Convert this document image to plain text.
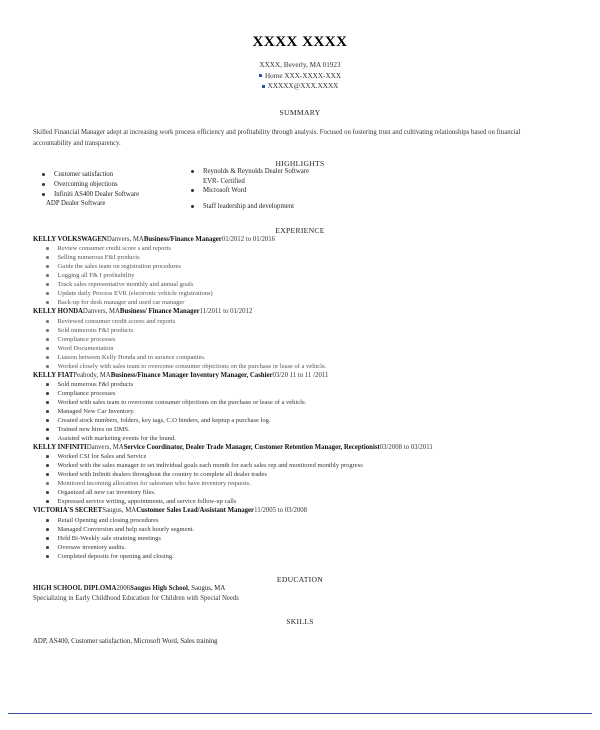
XXXX XXXX
XXXX, Beverly, MA 01923
Home XXX-XXXX-XXX
XXXXX@XXX.XXXX
SUMMARY
Skilled Financial Manager adept at increasing work process efficiency and profitability through analysis. Focused on fostering trust and cultivating relationships based on financial accountability and transparency.
HIGHLIGHTS
Customer satisfaction
Overcoming objections
Infiniti AS400 Dealer Software
ADP Dealer Software
Reynolds & Reynolds Dealer Software
EVR- Certified
Microsoft Word
Staff leadership and development
EXPERIENCE
KELLY VOLKSWAGENDanvers, MABusiness/Finance Manager01/2012 to 01/2016
Review consumer credit score s and reports
Selling numerous F&I products
Guide the sales team on registration procedures
Logging all F& I profitability
Track sales representative monthly and annual goals
Update daily Process EVR (electronic vehicle registrations)
Back-up for desk manager and used car manager
KELLY HONDADanvers, MABusiness/ Finance Manager11/2011 to 01/2012
Reviewed consumer credit scores and reports
Sold numerous F&I products
Compliance processes
Word Documentation
Liaison between Kelly Honda and in surance companies.
Worked closely with sales team to overcome consumer objections on the purchase or lease of a vehicle.
KELLY FIATPeabody, MABusiness/Finance Manager Inventory Manager, Cashier03/20 11 to 11 /2011
Sold numerous F&I products
Compliance processes
Worked with sales team to overcome consumer objections on the purchase or lease of a vehicle.
Managed New Car Inventory.
Created stock numbers, folders, key tags, C.O binders, and keptup a purchase log.
Trained new hires on DMS.
Assisted with marketing events for the brand.
KELLY INFINITIDanvers, MAService Coordinator, Dealer Trade Manager, Customer Retention Manager, Receptionist03/2008 to 03/2011
Worked CSI for Sales and Service
Worked with the sales manager to set individual goals each month for each sales rep and monitored monthly progress
Worked with Infiniti dealers throughout the country to complete all dealer trades
Monitored incoming allocation for salesman who have inventory requests.
Organized all new car inventory files.
Expressed service writing, appointments, and service follow-up calls
VICTORIA'S SECRETSaugus, MACustomer Sales Lead/Assistant Manager11/2005 to 03/2008
Retail Opening and closing procedures
Managed Conversion and help each hourly segment.
Held Bi-Weekly sale straining meetings
Oversaw inventory audits.
Completed deposits for opening and closing.
EDUCATION
HIGH SCHOOL DIPLOMA2006Saugus High School, Saugus, MA
Specializing in Early Childhood Education for Children with Special Needs
SKILLS
ADP, AS400, Customer satisfaction, Microsoft Word, Sales training
